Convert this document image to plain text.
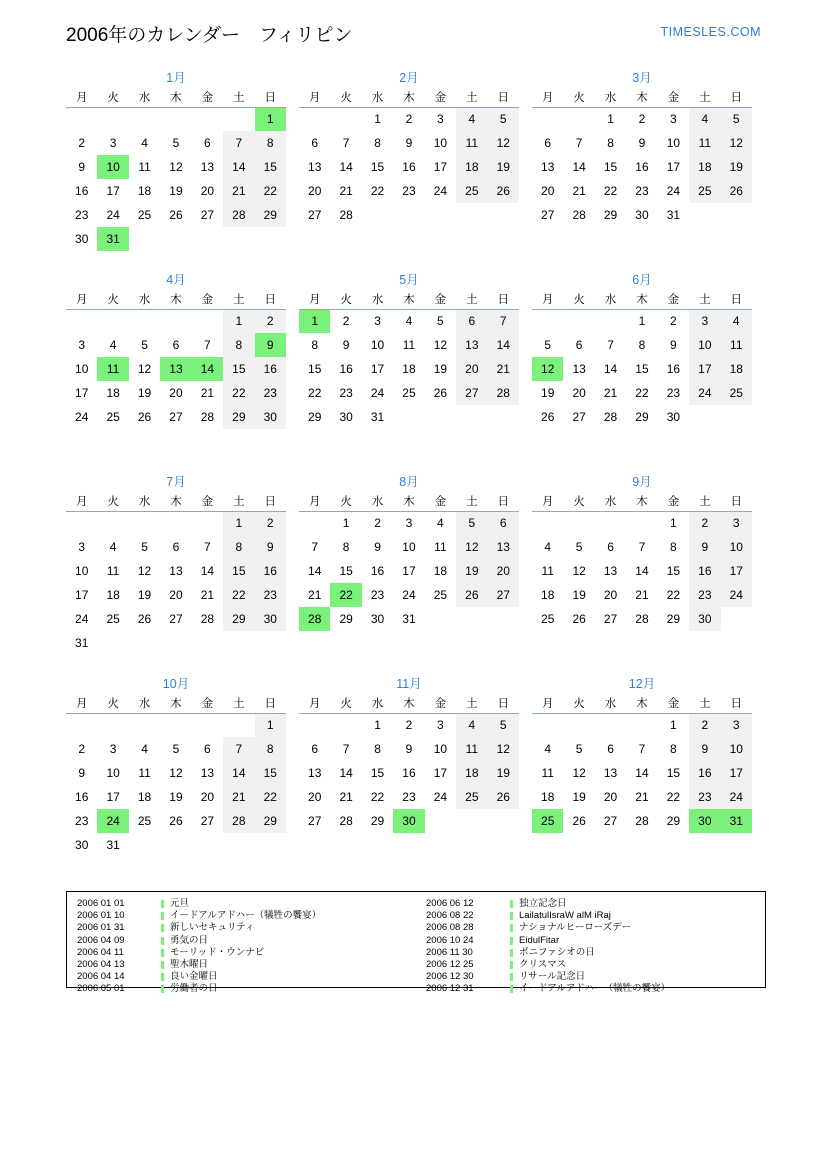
2006年のカレンダー　フィリピン	TIMESLES.COM
1月
月	火	水	木	金	土	日
						1
2	3	4	5	6	7	8
9	10	11	12	13	14	15
16	17	18	19	20	21	22
23	24	25	26	27	28	29
30	31					
2月
月	火	水	木	金	土	日
		1	2	3	4	5
6	7	8	9	10	11	12
13	14	15	16	17	18	19
20	21	22	23	24	25	26
27	28					
3月
月	火	水	木	金	土	日
		1	2	3	4	5
6	7	8	9	10	11	12
13	14	15	16	17	18	19
20	21	22	23	24	25	26
27	28	29	30	31		
4月
月	火	水	木	金	土	日
					1	2
3	4	5	6	7	8	9
10	11	12	13	14	15	16
17	18	19	20	21	22	23
24	25	26	27	28	29	30
5月
月	火	水	木	金	土	日
1	2	3	4	5	6	7
8	9	10	11	12	13	14
15	16	17	18	19	20	21
22	23	24	25	26	27	28
29	30	31				
6月
月	火	水	木	金	土	日
			1	2	3	4
5	6	7	8	9	10	11
12	13	14	15	16	17	18
19	20	21	22	23	24	25
26	27	28	29	30		
7月
月	火	水	木	金	土	日
					1	2
3	4	5	6	7	8	9
10	11	12	13	14	15	16
17	18	19	20	21	22	23
24	25	26	27	28	29	30
31						
8月
月	火	水	木	金	土	日
	1	2	3	4	5	6
7	8	9	10	11	12	13
14	15	16	17	18	19	20
21	22	23	24	25	26	27
28	29	30	31			
9月
月	火	水	木	金	土	日
				1	2	3
4	5	6	7	8	9	10
11	12	13	14	15	16	17
18	19	20	21	22	23	24
25	26	27	28	29	30	
10月
月	火	水	木	金	土	日
						1
2	3	4	5	6	7	8
9	10	11	12	13	14	15
16	17	18	19	20	21	22
23	24	25	26	27	28	29
30	31					
11月
月	火	水	木	金	土	日
		1	2	3	4	5
6	7	8	9	10	11	12
13	14	15	16	17	18	19
20	21	22	23	24	25	26
27	28	29	30			
12月
月	火	水	木	金	土	日
				1	2	3
4	5	6	7	8	9	10
11	12	13	14	15	16	17
18	19	20	21	22	23	24
25	26	27	28	29	30	31
2006 01 01	元旦
2006 01 10	イードアルアドハー（犠牲の饗宴）
2006 01 31	新しいセキュリティ
2006 04 09	勇気の日
2006 04 11	モーリッド・ウンナビ
2006 04 13	聖木曜日
2006 04 14	良い金曜日
2006 05 01	労働者の日
2006 06 12	独立記念日
2006 08 22	LailatulIsraW alM iRaj
2006 08 28	ナショナルヒーローズデー
2006 10 24	EidulFitar
2006 11 30	ボニファシオの日
2006 12 25	クリスマス
2006 12 30	リサール記念日
2006 12 31	イードアルアドハー（犠牲の饗宴）
